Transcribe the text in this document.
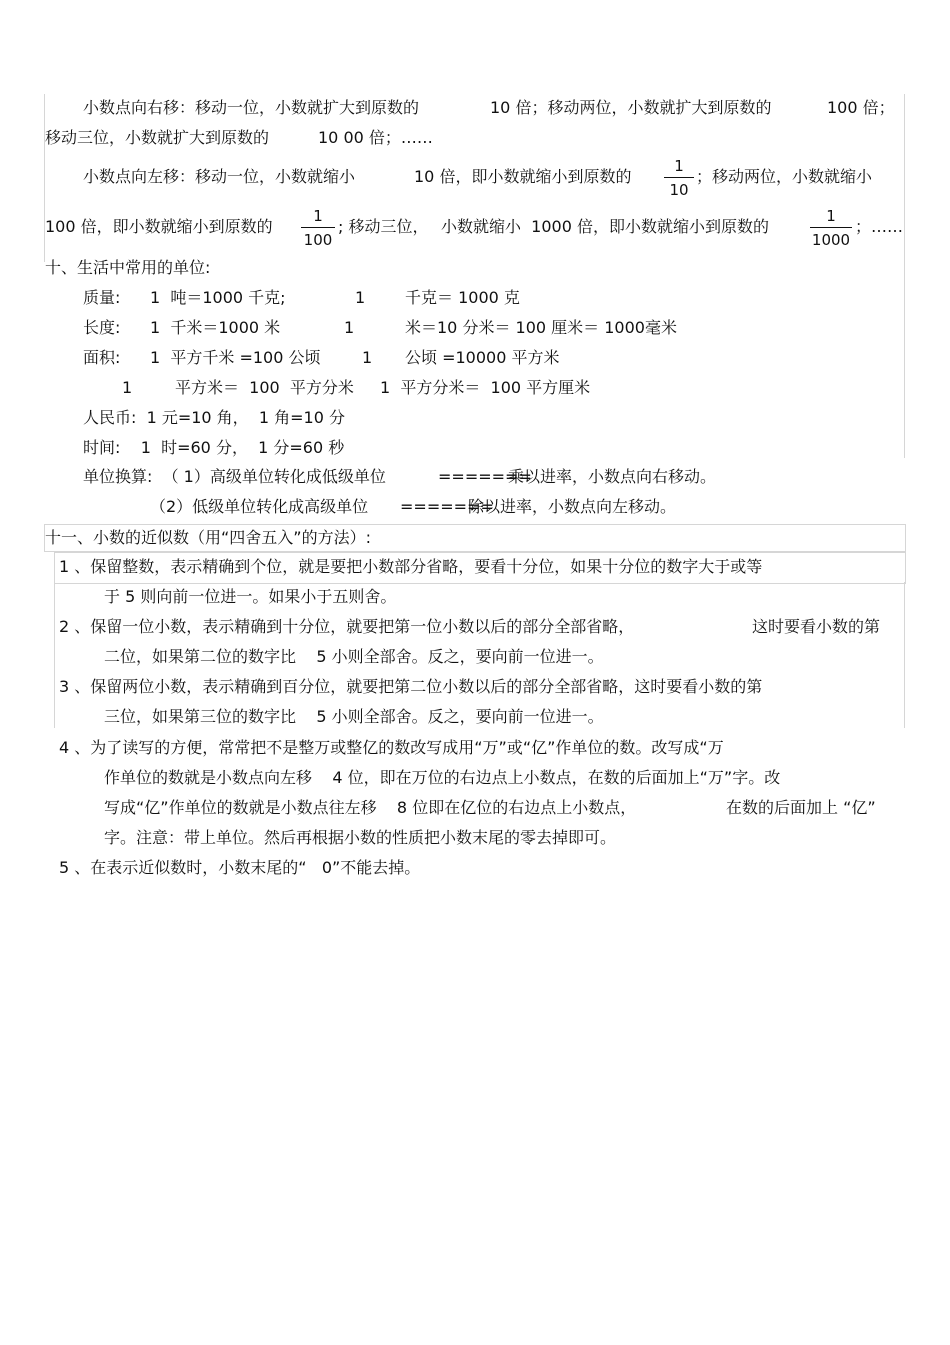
小数点向右移：移动一位，小数就扩大到原数的	10 倍；移动两位，小数就扩大到原数的	100 倍；
移动三位，小数就扩大到原数的	10 00 倍；……
小数点向左移：移动一位，小数就缩小	10 倍，即小数就缩小到原数的
1
10
；移动两位，小数就缩小
100 倍，即小数就缩小到原数的
1
100
; 移动三位， 小数就缩小  1000 倍，即小数就缩小到原数的
1
1000
；……
十、生活中常用的单位:
质量: 1  吨＝1000 千克;	1 千克＝ 1000 克
长度: 1  千米＝1000 米	1	米＝10 分米＝ 100 厘米＝ 1000毫米
面积: 1  平方千米 =100 公顷	1 公顷 =10000 平方米
1	平方米＝  100  平方分米 1  平方分米＝  100 平方厘米
人民币:  1 元=10 角，  1 角=10 分
时间:    1  时=60 分，  1 分=60 秒
单位换算:  （ 1）高级单位转化成低级单位	=======
乘以进率，小数点向右移动。
（2）低级单位转化成高级单位 =======
除以进率，小数点向左移动。
十一、小数的近似数（用“四舍五入”的方法）:
1 、保留整数，表示精确到个位，就是要把小数部分省略，要看十分位，如果十分位的数字大于或等
于 5 则向前一位进一。如果小于五则舍。
2 、保留一位小数，表示精确到十分位，就要把第一位小数以后的部分全部省略，	这时要看小数的第
二位，如果第二位的数字比    5 小则全部舍。反之，要向前一位进一。
3 、保留两位小数，表示精确到百分位，就要把第二位小数以后的部分全部省略，这时要看小数的第
三位，如果第三位的数字比    5 小则全部舍。反之，要向前一位进一。
4 、为了读写的方便，常常把不是整万或整亿的数改写成用“万”或“亿”作单位的数。改写成“万
作单位的数就是小数点向左移    4 位，即在万位的右边点上小数点，在数的后面加上“万”字。改
写成“亿”作单位的数就是小数点往左移    8 位即在亿位的右边点上小数点，	在数的后面加上 “亿”
字。注意：带上单位。然后再根据小数的性质把小数末尾的零去掉即可。
5 、在表示近似数时，小数末尾的“   0”不能去掉。
